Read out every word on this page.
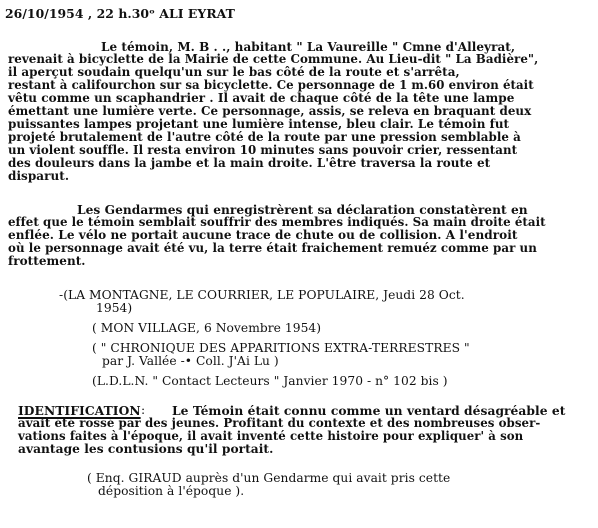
26/10/1954 , 22 h.30ᵒ ALI EYRAT
Le témoin, M. B . ., habitant " La Vaureille " Cmne d'Alleyrat,
revenait à bicyclette de la Mairie de cette Commune. Au Lieu-dit " La Badière",
il aperçut soudain quelqu'un sur le bas côté de la route et s'arrêta,
restant à califourchon sur sa bicyclette. Ce personnage de 1 m.60 environ était
vêtu comme un scaphandrier . Il avait de chaque côté de la tête une lampe
émettant une lumière verte. Ce personnage, assis, se releva en braquant deux
puissantes lampes projetant une lumière intense, bleu clair. Le témoin fut
projeté brutalement de l'autre côté de la route par une pression semblable à
un violent souffle. Il resta environ 10 minutes sans pouvoir crier, ressentant
des douleurs dans la jambe et la main droite. L'être traversa la route et
disparut.
Les Gendarmes qui enregistrèrent sa déclaration constatèrent en
effet que le témoin semblait souffrir des membres indiqués. Sa main droite était
enflée. Le vélo ne portait aucune trace de chute ou de collision. A l'endroit
où le personnage avait été vu, la terre était fraichement remuéz comme par un
frottement.
-(LA MONTAGNE, LE COURRIER, LE POPULAIRE, Jeudi 28 Oct.
1954)
( MON VILLAGE, 6 Novembre 1954)
( " CHRONIQUE DES APPARITIONS EXTRA-TERRESTRES "
par J. Vallée -• Coll. J'Ai Lu )
(L.D.L.N. " Contact Lecteurs " Janvier 1970 - n° 102 bis )
IDENTIFICATION
: Le Témoin était connu comme un ventard désagréable et
avait été rossé par des jeunes. Profitant du contexte et des nombreuses obser-
vations faites à l'époque, il avait inventé cette histoire pour expliquer' à son
avantage les contusions qu'il portait.
( Enq. GIRAUD auprès d'un Gendarme qui avait pris cette
déposition à l'époque ).
